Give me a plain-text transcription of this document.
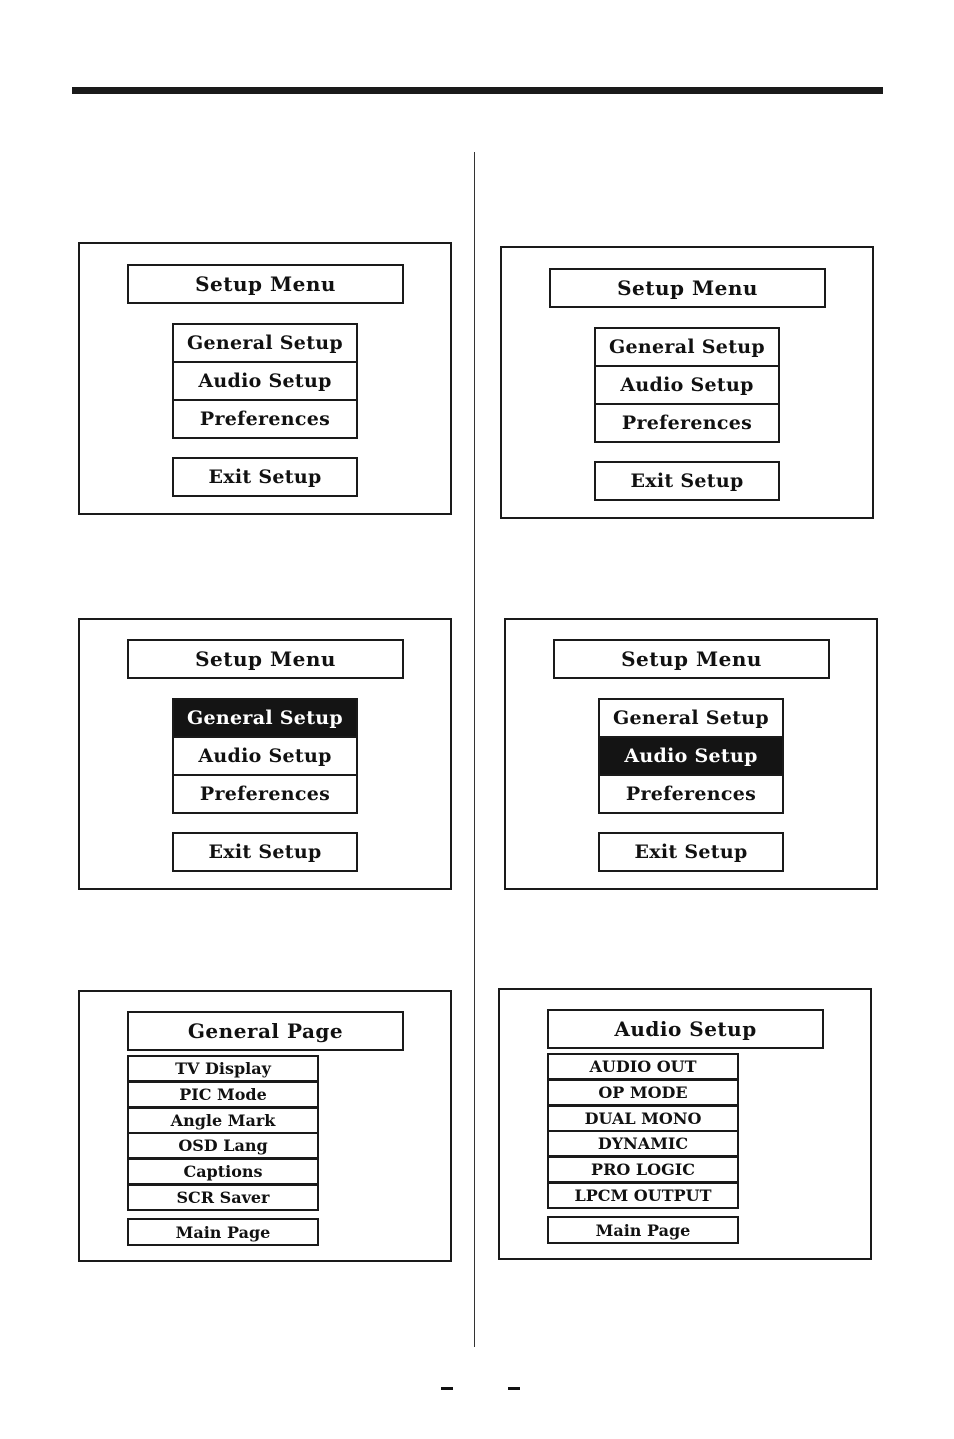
Setup Menu
General Setup
Audio Setup
Preferences
Exit Setup
Setup Menu
General Setup
Audio Setup
Preferences
Exit Setup
Setup Menu
General Setup
Audio Setup
Preferences
Exit Setup
Setup Menu
General Setup
Audio Setup
Preferences
Exit Setup
General Page
TV Display
PIC Mode
Angle Mark
OSD Lang
Captions
SCR Saver
Main Page
Audio Setup
AUDIO OUT
OP MODE
DUAL MONO
DYNAMIC
PRO LOGIC
LPCM OUTPUT
Main Page
